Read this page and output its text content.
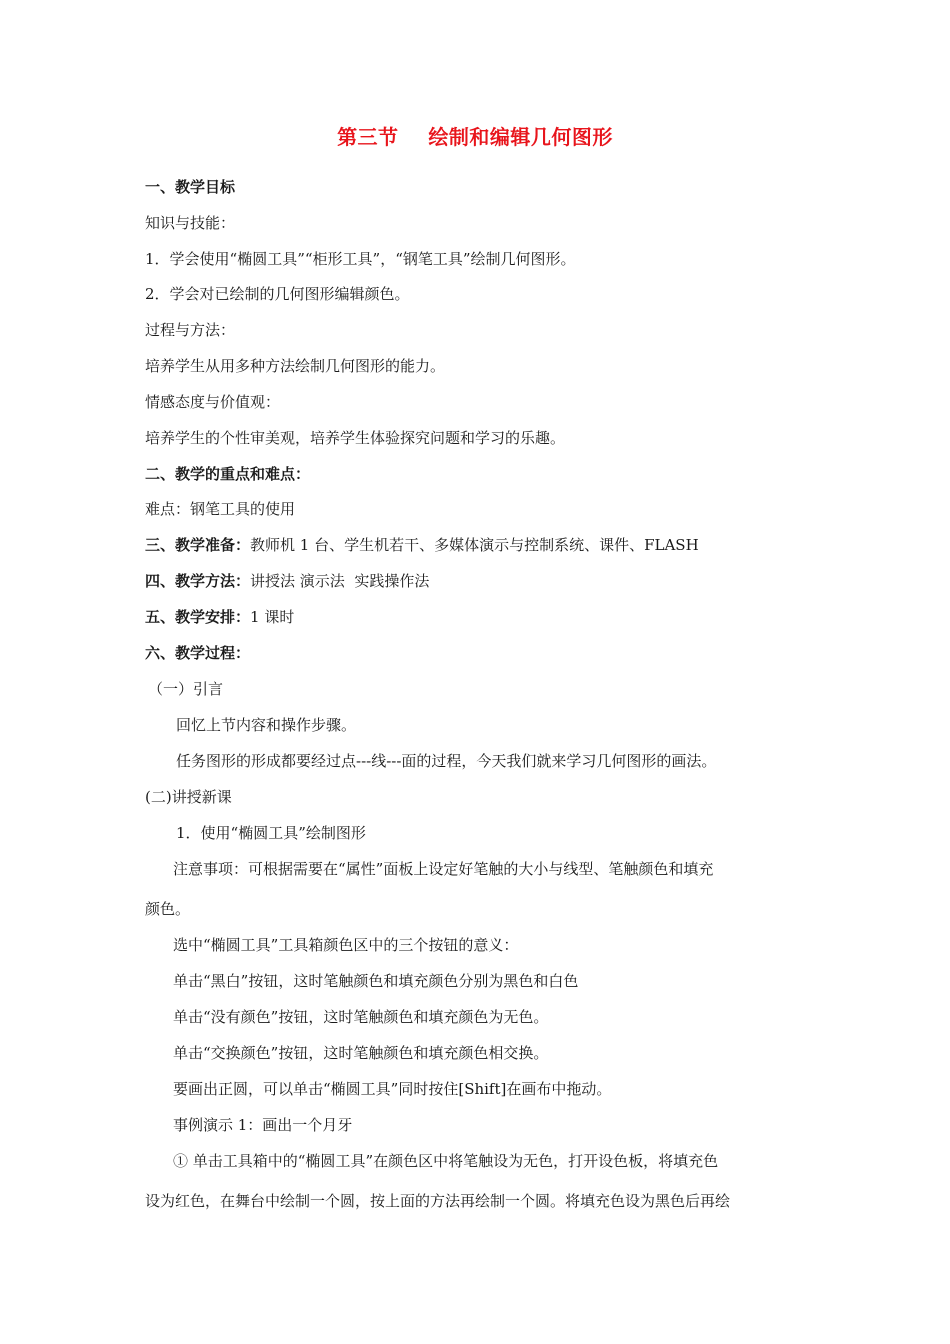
第三节    绘制和编辑几何图形
一、教学目标
知识与技能：
1．学会使用“椭圆工具”“柜形工具”，“钢笔工具”绘制几何图形。
2．学会对已绘制的几何图形编辑颜色。
过程与方法：
培养学生从用多种方法绘制几何图形的能力。
情感态度与价值观：
培养学生的个性审美观，培养学生体验探究问题和学习的乐趣。
二、教学的重点和难点：
难点：钢笔工具的使用
三、教学准备：教师机 1 台、学生机若干、多媒体演示与控制系统、课件、FLASH
四、教学方法：讲授法 演示法  实践操作法
五、教学安排：1 课时
六、教学过程：
（一）引言
回忆上节内容和操作步骤。
任务图形的形成都要经过点---线---面的过程，今天我们就来学习几何图形的画法。
(二)讲授新课
1．使用“椭圆工具”绘制图形
注意事项：可根据需要在“属性”面板上设定好笔触的大小与线型、笔触颜色和填充
颜色。
选中“椭圆工具”工具箱颜色区中的三个按钮的意义：
单击“黑白”按钮，这时笔触颜色和填充颜色分别为黑色和白色
单击“没有颜色”按钮，这时笔触颜色和填充颜色为无色。
单击“交换颜色”按钮，这时笔触颜色和填充颜色相交换。
要画出正圆，可以单击“椭圆工具”同时按住[Shift]在画布中拖动。
事例演示 1：画出一个月牙
① 单击工具箱中的“椭圆工具”在颜色区中将笔触设为无色，打开设色板，将填充色
设为红色，在舞台中绘制一个圆，按上面的方法再绘制一个圆。将填充色设为黑色后再绘
